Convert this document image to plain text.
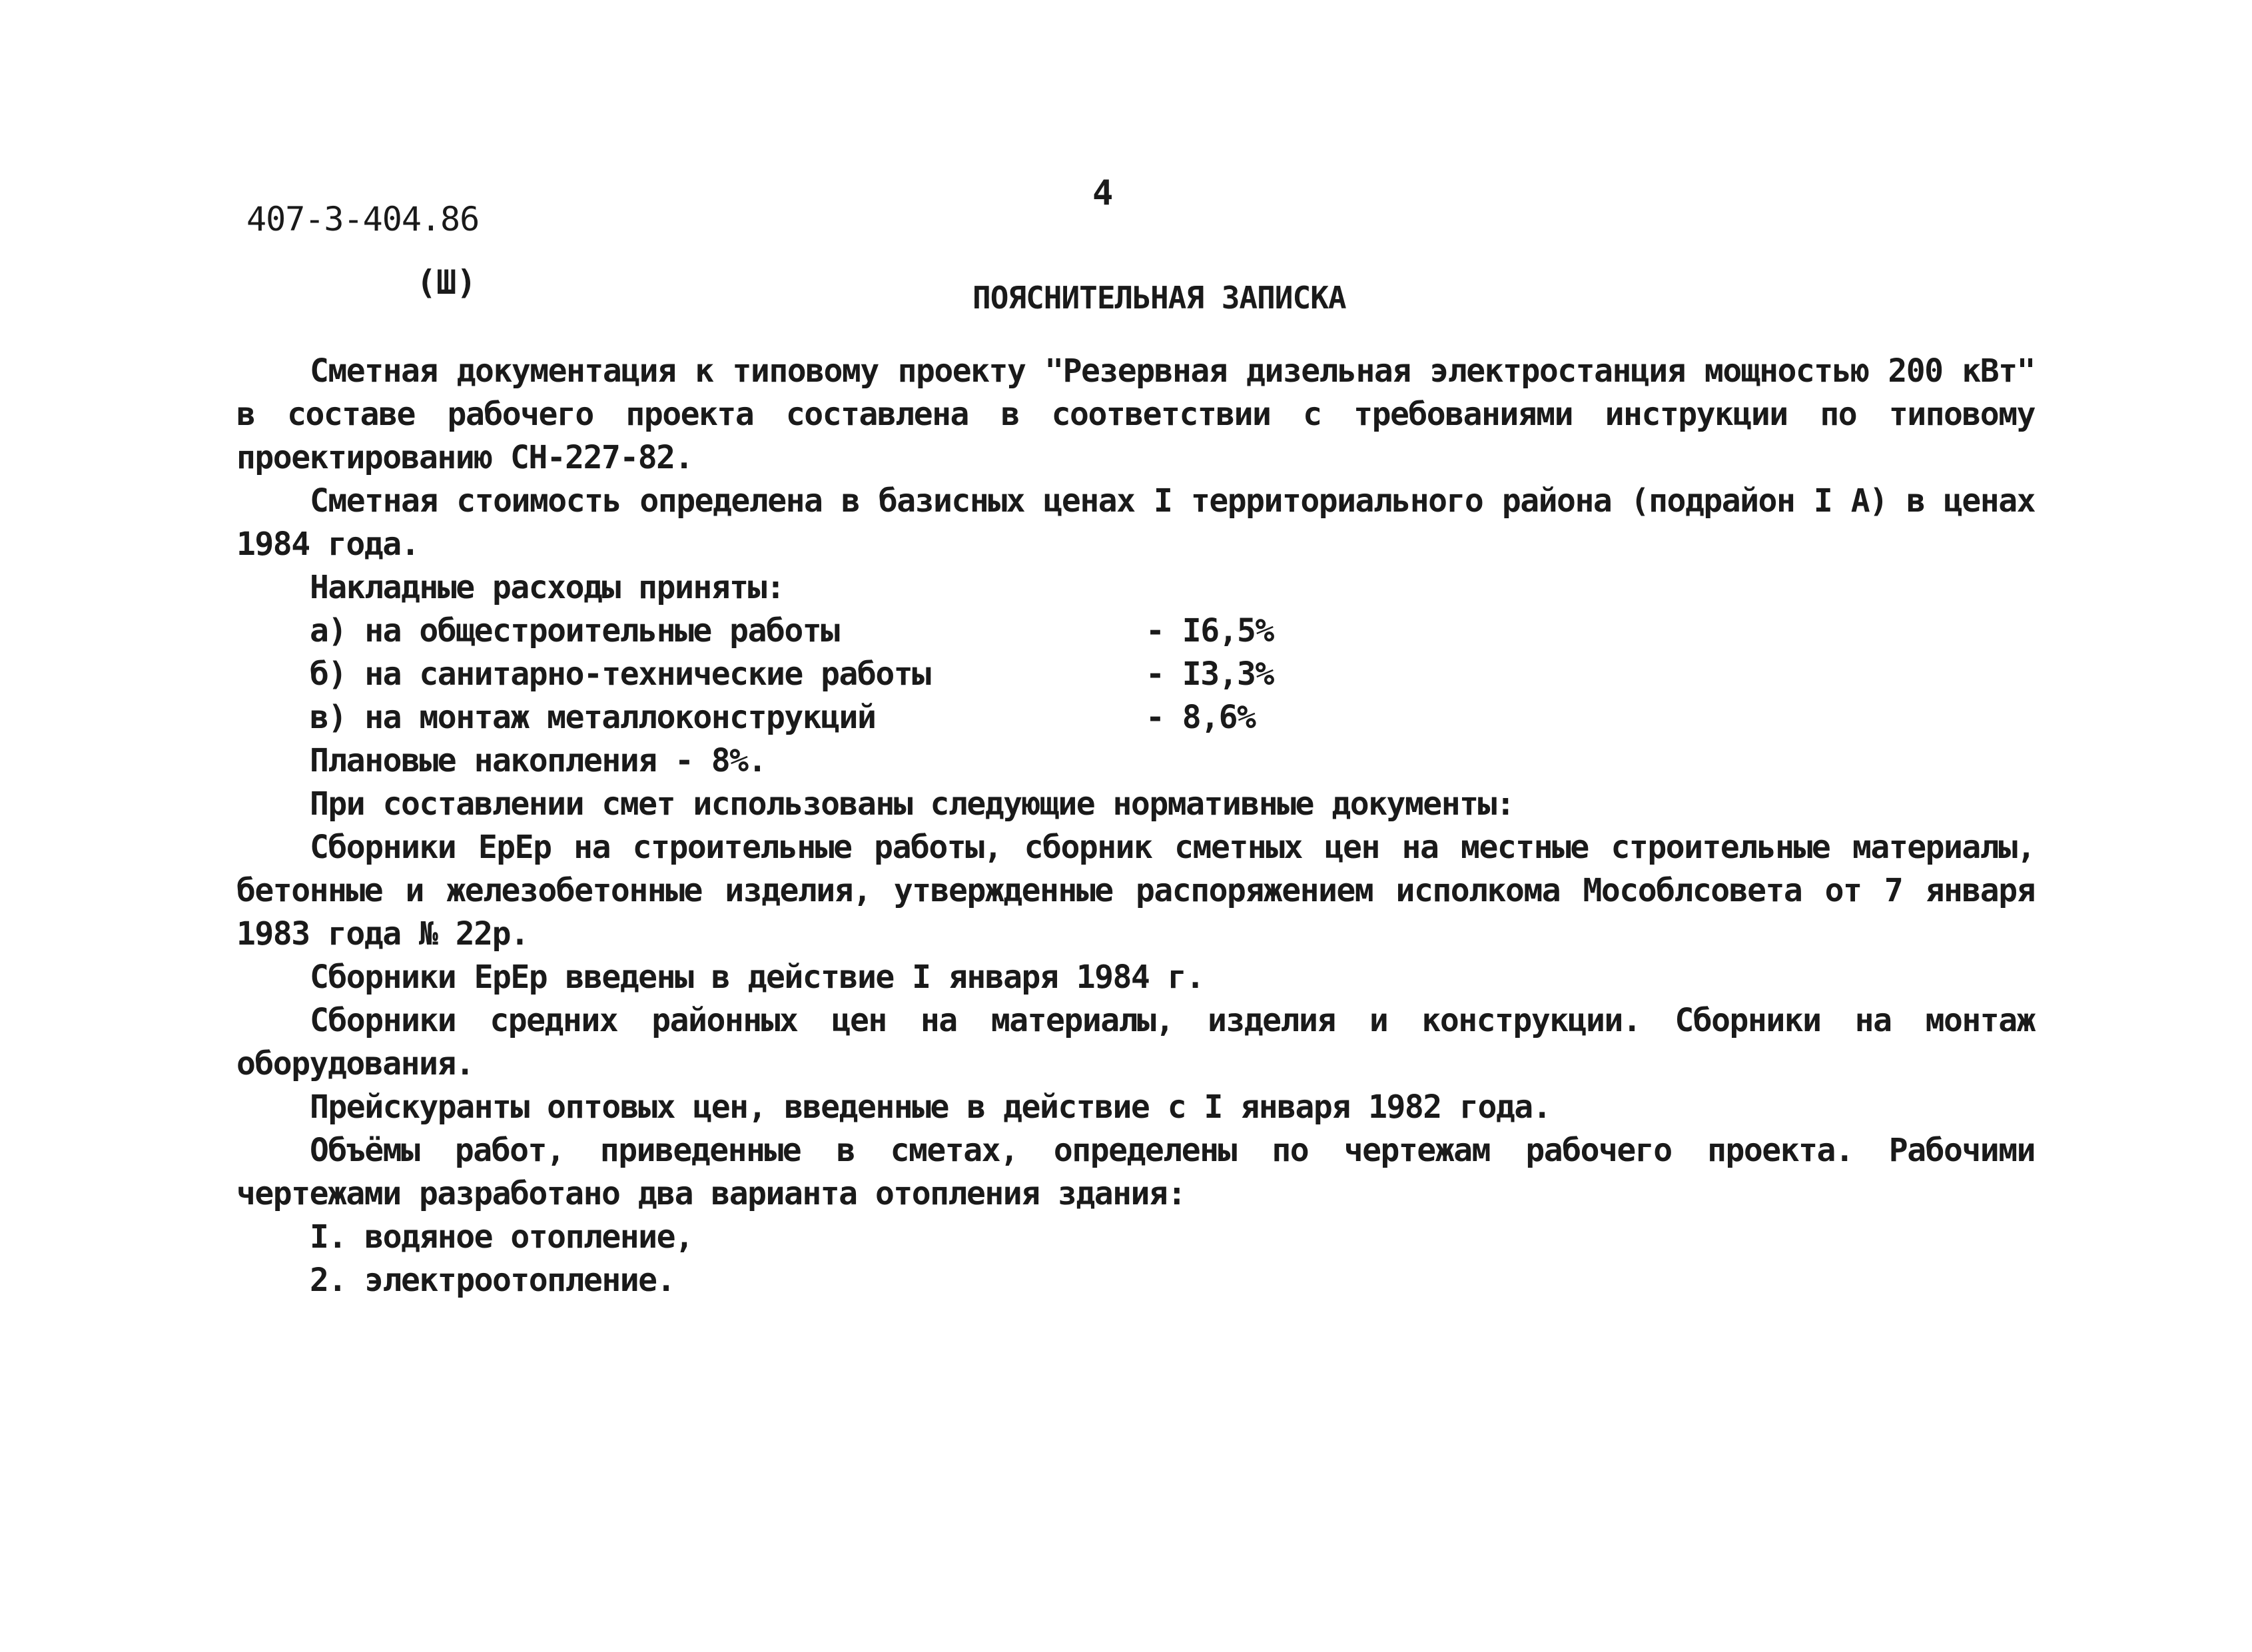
407-3-404.86
4
(Ш)	ПОЯСНИТЕЛЬНАЯ ЗАПИСКА

Сметная документация к типовому проекту "Резервная дизельная электростанция мощностью 200 кВт" в составе рабочего проекта составлена в соответствии с требованиями инструкции по типовому проектированию СН-227-82.

Сметная стоимость определена в базисных ценах I территориального района (подрайон I А) в ценах 1984 года.

Накладные расходы приняты:

а) на общестроительные работы	- I6,5%
б) на санитарно-технические работы	- I3,3%
в) на монтаж металлоконструкций	- 8,6%

Плановые накопления - 8%.

При составлении смет использованы следующие нормативные документы:

Сборники ЕрЕр на строительные работы, сборник сметных цен на местные строительные материалы, бетонные и железобетонные изделия, утвержденные распоряжением исполкома Мособлсовета от 7 января 1983 года № 22р.

Сборники ЕрЕр введены в действие I января 1984 г.

Сборники средних районных цен на материалы, изделия и конструкции. Сборники на монтаж оборудования.

Прейскуранты оптовых цен, введенные в действие с I января 1982 года.

Объёмы работ, приведенные в сметах, определены по чертежам рабочего проекта. Рабочими чертежами разработано два варианта отопления здания:

I. водяное отопление,
2. электроотопление.
